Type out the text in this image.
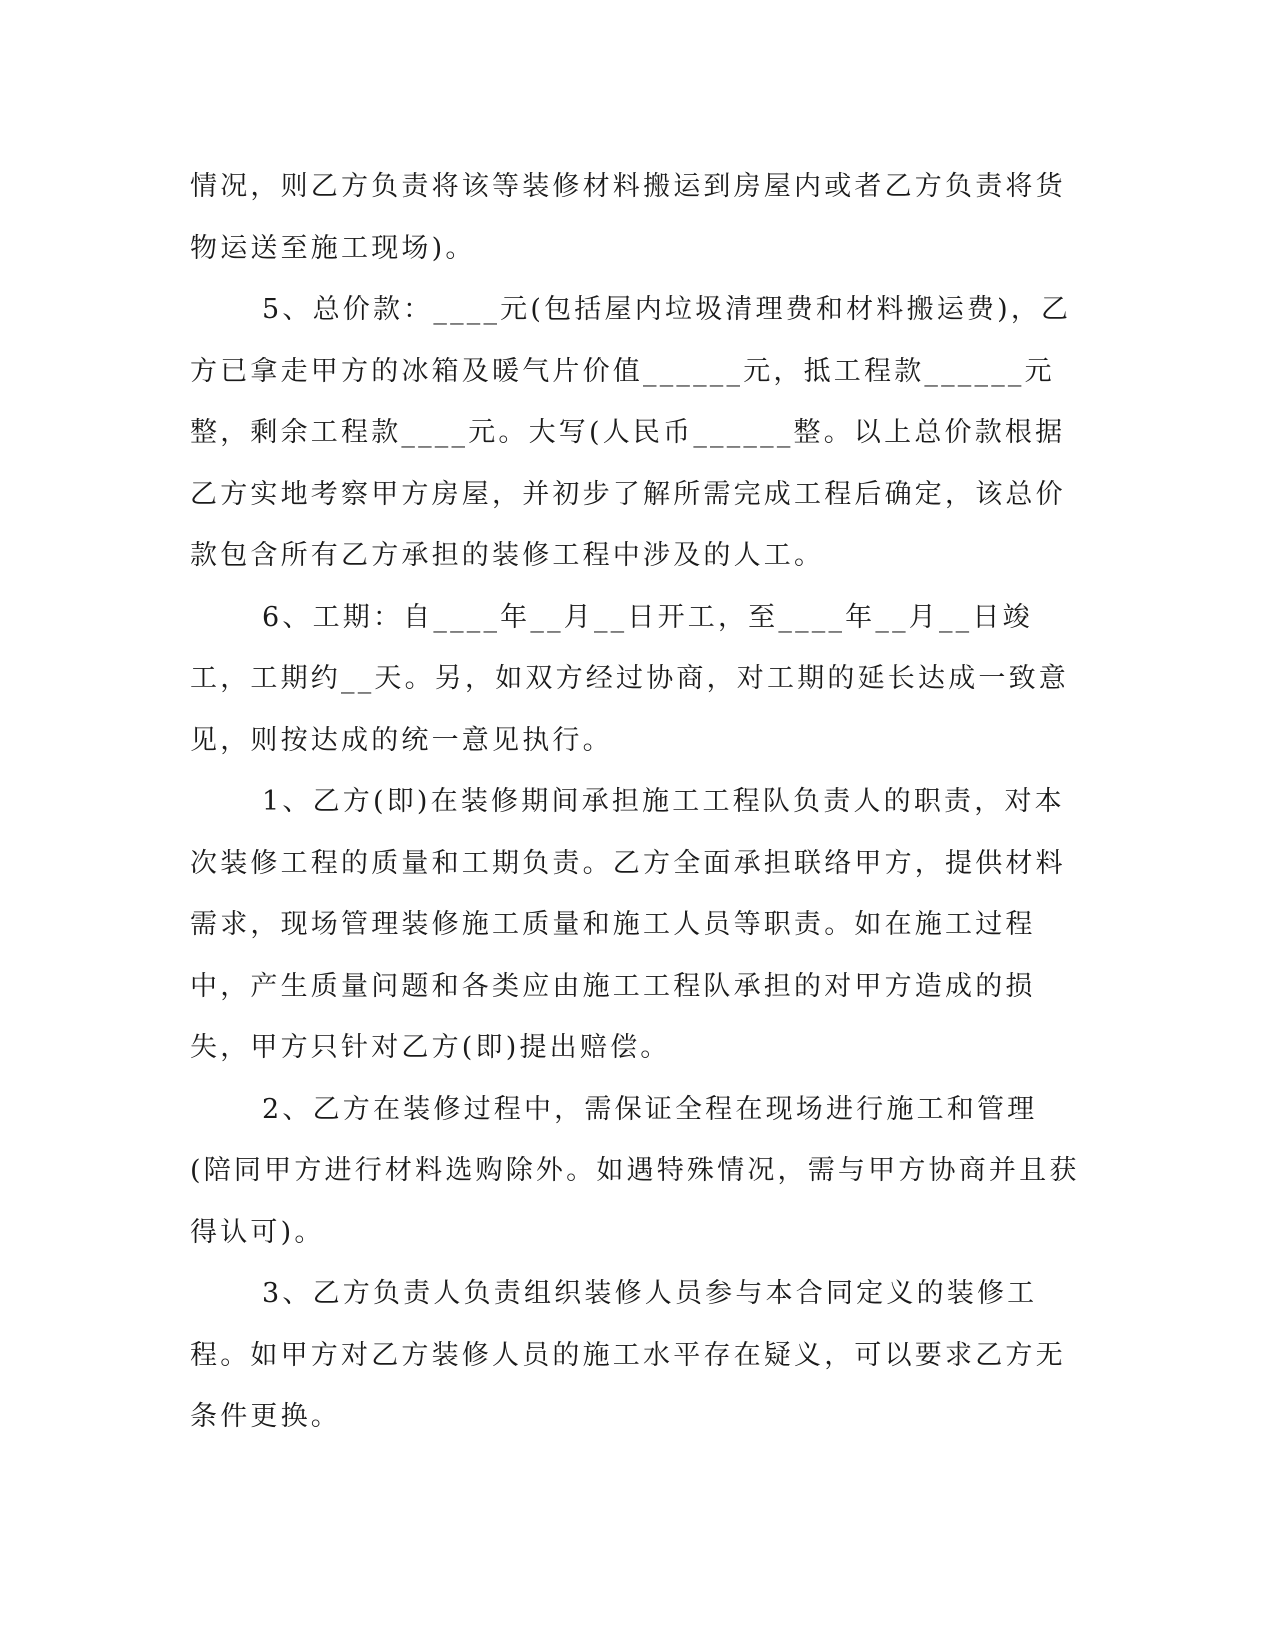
情况，则乙方负责将该等装修材料搬运到房屋内或者乙方负责将货物运送至施工现场)。

5、总价款：____元(包括屋内垃圾清理费和材料搬运费)，乙方已拿走甲方的冰箱及暖气片价值______元，抵工程款______元整，剩余工程款____元。大写(人民币______整。以上总价款根据乙方实地考察甲方房屋，并初步了解所需完成工程后确定，该总价款包含所有乙方承担的装修工程中涉及的人工。

6、工期：自____年__月__日开工，至____年__月__日竣工，工期约__天。另，如双方经过协商，对工期的延长达成一致意见，则按达成的统一意见执行。

1、乙方(即)在装修期间承担施工工程队负责人的职责，对本次装修工程的质量和工期负责。乙方全面承担联络甲方，提供材料需求，现场管理装修施工质量和施工人员等职责。如在施工过程中，产生质量问题和各类应由施工工程队承担的对甲方造成的损失，甲方只针对乙方(即)提出赔偿。

2、乙方在装修过程中，需保证全程在现场进行施工和管理(陪同甲方进行材料选购除外。如遇特殊情况，需与甲方协商并且获得认可)。

3、乙方负责人负责组织装修人员参与本合同定义的装修工程。如甲方对乙方装修人员的施工水平存在疑义，可以要求乙方无条件更换。
